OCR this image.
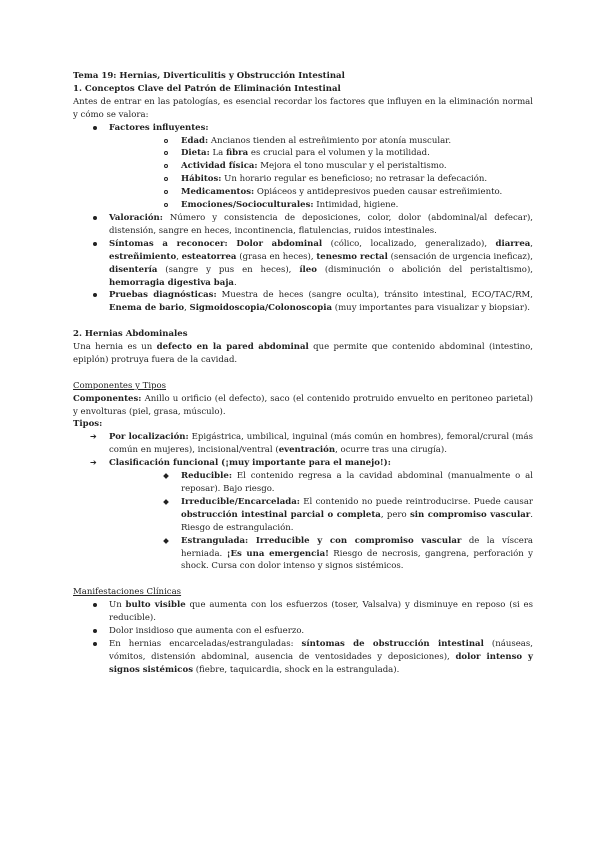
Tema 19: Hernias, Diverticulitis y Obstrucción Intestinal

1. Conceptos Clave del Patrón de Eliminación Intestinal

Antes de entrar en las patologías, es esencial recordar los factores que influyen en la eliminación normal y cómo se valora:

Factores influyentes:
Edad: Ancianos tienden al estreñimiento por atonía muscular.
Dieta: La fibra es crucial para el volumen y la motilidad.
Actividad física: Mejora el tono muscular y el peristaltismo.
Hábitos: Un horario regular es beneficioso; no retrasar la defecación.
Medicamentos: Opiáceos y antidepresivos pueden causar estreñimiento.
Emociones/Socioculturales: Intimidad, higiene.
Valoración: Número y consistencia de deposiciones, color, dolor (abdominal/al defecar), distensión, sangre en heces, incontinencia, flatulencias, ruidos intestinales.
Síntomas a reconocer: Dolor abdominal (cólico, localizado, generalizado), diarrea, estreñimiento, esteatorrea (grasa en heces), tenesmo rectal (sensación de urgencia ineficaz), disentería (sangre y pus en heces), íleo (disminución o abolición del peristaltismo), hemorragia digestiva baja.
Pruebas diagnósticas: Muestra de heces (sangre oculta), tránsito intestinal, ECO/TAC/RM, Enema de bario, Sigmoidoscopia/Colonoscopia (muy importantes para visualizar y biopsiar).

2. Hernias Abdominales

Una hernia es un defecto en la pared abdominal que permite que contenido abdominal (intestino, epiplón) protruya fuera de la cavidad.

Componentes y Tipos

Componentes: Anillo u orificio (el defecto), saco (el contenido protruido envuelto en peritoneo parietal) y envolturas (piel, grasa, músculo).

Tipos:

➔ Por localización: Epigástrica, umbilical, inguinal (más común en hombres), femoral/crural (más común en mujeres), incisional/ventral (eventración, ocurre tras una cirugía).
➔ Clasificación funcional (¡muy importante para el manejo!):
Reducible: El contenido regresa a la cavidad abdominal (manualmente o al reposar). Bajo riesgo.
Irreducible/Encarcelada: El contenido no puede reintroducirse. Puede causar obstrucción intestinal parcial o completa, pero sin compromiso vascular. Riesgo de estrangulación.
Estrangulada: Irreducible y con compromiso vascular de la víscera herniada. ¡Es una emergencia! Riesgo de necrosis, gangrena, perforación y shock. Cursa con dolor intenso y signos sistémicos.

Manifestaciones Clínicas

Un bulto visible que aumenta con los esfuerzos (toser, Valsalva) y disminuye en reposo (si es reducible).
Dolor insidioso que aumenta con el esfuerzo.
En hernias encarceladas/estranguladas: síntomas de obstrucción intestinal (náuseas, vómitos, distensión abdominal, ausencia de ventosidades y deposiciones), dolor intenso y signos sistémicos (fiebre, taquicardia, shock en la estrangulada).
